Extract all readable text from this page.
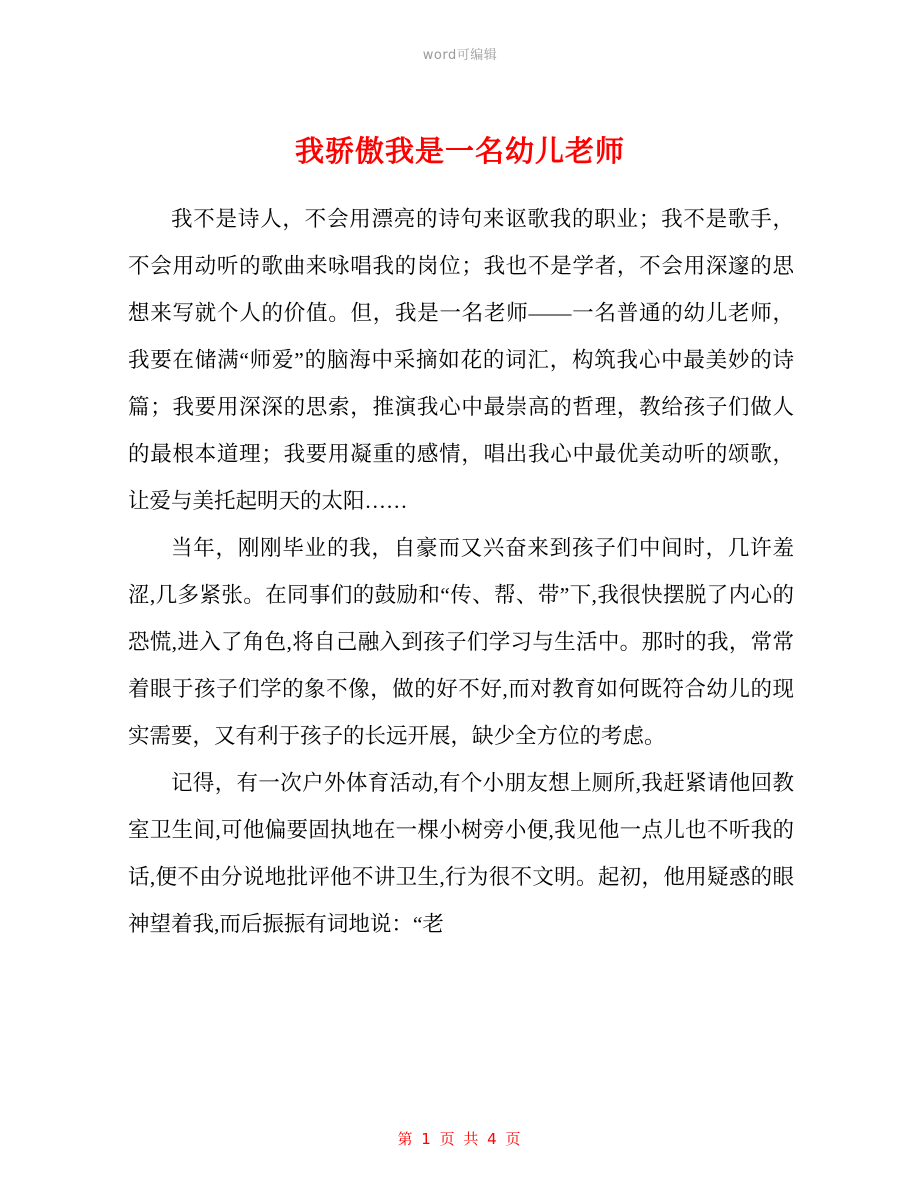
word可编辑
我骄傲我是一名幼儿老师

我不是诗人，不会用漂亮的诗句来讴歌我的职业；我不是歌手，不会用动听的歌曲来咏唱我的岗位；我也不是学者，不会用深邃的思想来写就个人的价值。但，我是一名老师——一名普通的幼儿老师，我要在储满“师爱”的脑海中采摘如花的词汇，构筑我心中最美妙的诗篇；我要用深深的思索，推演我心中最崇高的哲理，教给孩子们做人的最根本道理；我要用凝重的感情，唱出我心中最优美动听的颂歌，让爱与美托起明天的太阳……

当年，刚刚毕业的我，自豪而又兴奋来到孩子们中间时，几许羞涩,几多紧张。在同事们的鼓励和“传、帮、带”下,我很快摆脱了内心的恐慌,进入了角色,将自己融入到孩子们学习与生活中。那时的我，常常着眼于孩子们学的象不像，做的好不好,而对教育如何既符合幼儿的现实需要，又有利于孩子的长远开展，缺少全方位的考虑。

记得，有一次户外体育活动,有个小朋友想上厕所,我赶紧请他回教室卫生间,可他偏要固执地在一棵小树旁小便,我见他一点儿也不听我的话,便不由分说地批评他不讲卫生,行为很不文明。起初，他用疑惑的眼神望着我,而后振振有词地说：“老

第 1 页 共 4 页
